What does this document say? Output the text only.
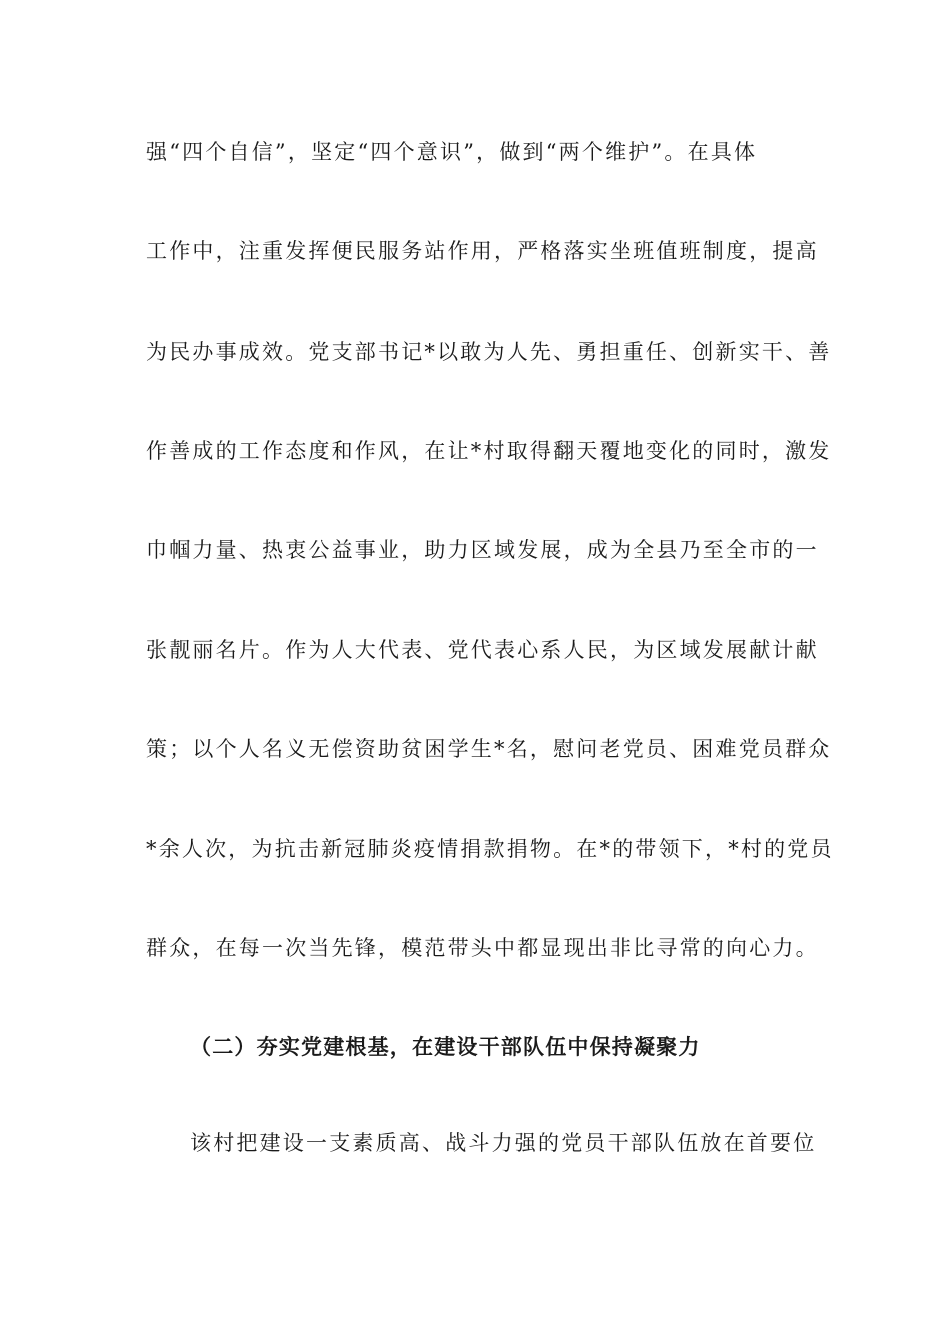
强“四个自信”，坚定“四个意识”，做到“两个维护”。在具体
工作中，注重发挥便民服务站作用，严格落实坐班值班制度，提高
为民办事成效。党支部书记*以敢为人先、勇担重任、创新实干、善
作善成的工作态度和作风，在让*村取得翻天覆地变化的同时，激发
巾帼力量、热衷公益事业，助力区域发展，成为全县乃至全市的一
张靓丽名片。作为人大代表、党代表心系人民，为区域发展献计献
策；以个人名义无偿资助贫困学生*名，慰问老党员、困难党员群众
*余人次，为抗击新冠肺炎疫情捐款捐物。在*的带领下，*村的党员
群众，在每一次当先锋，模范带头中都显现出非比寻常的向心力。
（二）夯实党建根基，在建设干部队伍中保持凝聚力
该村把建设一支素质高、战斗力强的党员干部队伍放在首要位
